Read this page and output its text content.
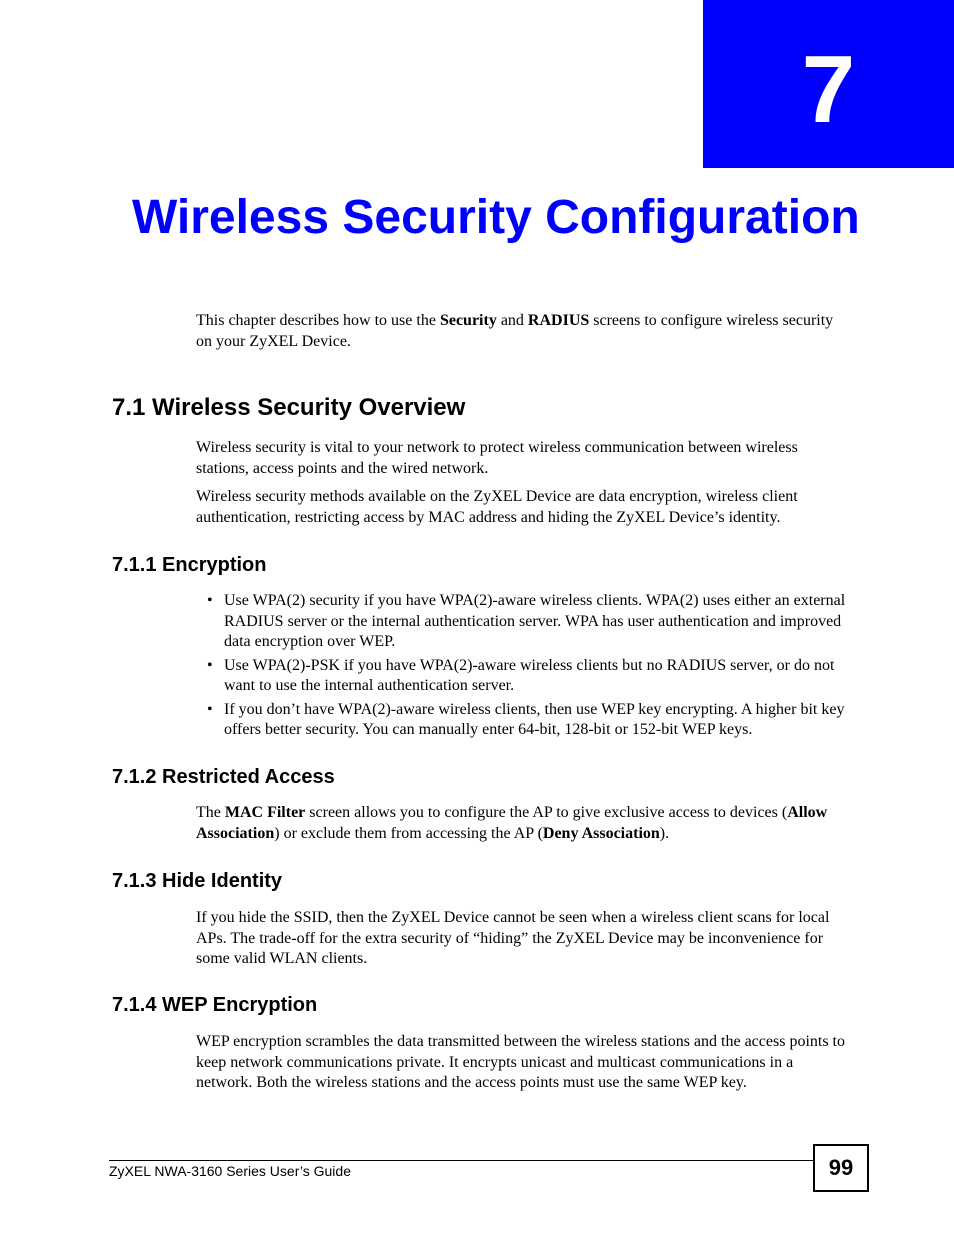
7
Wireless Security Configuration

This chapter describes how to use the Security and RADIUS screens to configure wireless security on your ZyXEL Device.

7.1 Wireless Security Overview

Wireless security is vital to your network to protect wireless communication between wireless stations, access points and the wired network.

Wireless security methods available on the ZyXEL Device are data encryption, wireless client authentication, restricting access by MAC address and hiding the ZyXEL Device’s identity.

7.1.1 Encryption
• Use WPA(2) security if you have WPA(2)-aware wireless clients. WPA(2) uses either an external RADIUS server or the internal authentication server. WPA has user authentication and improved data encryption over WEP.
• Use WPA(2)-PSK if you have WPA(2)-aware wireless clients but no RADIUS server, or do not want to use the internal authentication server.
• If you don’t have WPA(2)-aware wireless clients, then use WEP key encrypting. A higher bit key offers better security. You can manually enter 64-bit, 128-bit or 152-bit WEP keys.
7.1.2 Restricted Access

The MAC Filter screen allows you to configure the AP to give exclusive access to devices (Allow Association) or exclude them from accessing the AP (Deny Association).

7.1.3 Hide Identity

If you hide the SSID, then the ZyXEL Device cannot be seen when a wireless client scans for local APs. The trade-off for the extra security of “hiding” the ZyXEL Device may be inconvenience for some valid WLAN clients.

7.1.4 WEP Encryption

WEP encryption scrambles the data transmitted between the wireless stations and the access points to keep network communications private. It encrypts unicast and multicast communications in a network. Both the wireless stations and the access points must use the same WEP key.

ZyXEL NWA-3160 Series User’s Guide	99
